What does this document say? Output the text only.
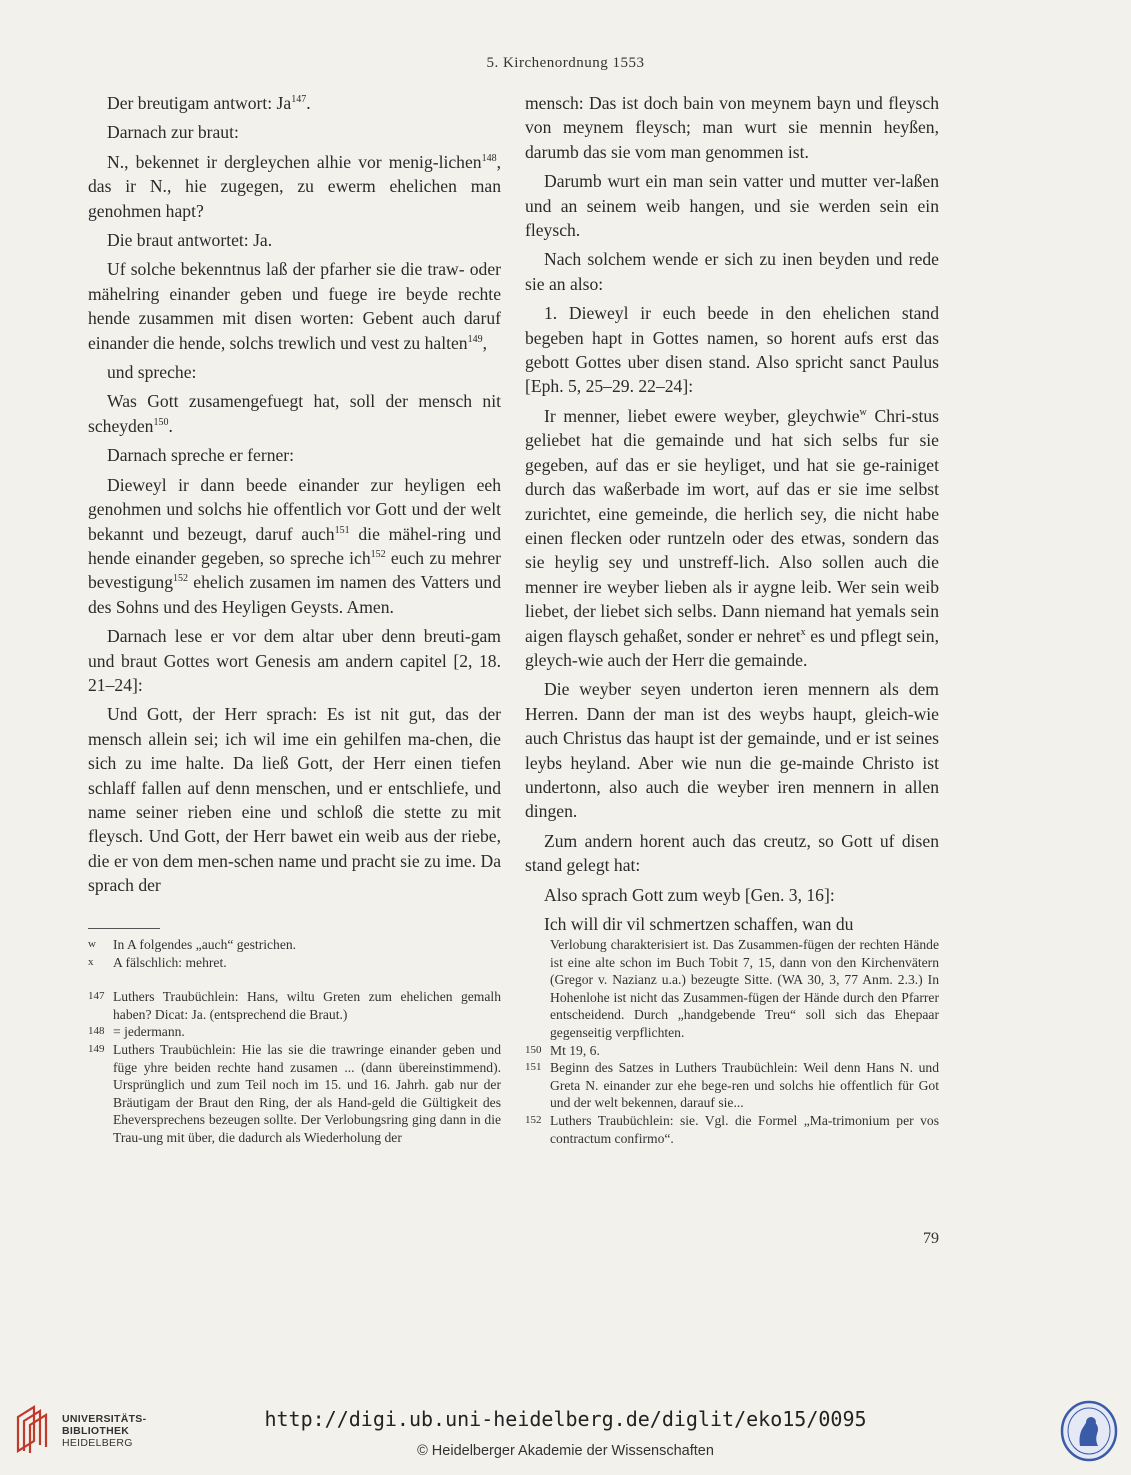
5. Kirchenordnung 1553

Der breutigam antwort: Ja$^{147}$.

Darnach zur braut:

N., bekennet ir dergleychen alhie vor menig-lichen$^{148}$, das ir N., hie zugegen, zu ewerm ehelichen man genohmen hapt?

Die braut antwortet: Ja.

Uf solche bekenntnus laß der pfarher sie die traw- oder mähelring einander geben und fuege ire beyde rechte hende zusammen mit disen worten: Gebent auch daruf einander die hende, solchs trewlich und vest zu halten$^{149}$,

und spreche:

Was Gott zusamengefuegt hat, soll der mensch nit scheyden$^{150}$.

Darnach spreche er ferner:

Dieweyl ir dann beede einander zur heyligen eeh genohmen und solchs hie offentlich vor Gott und der welt bekannt und bezeugt, daruf auch$^{151}$ die mähel-ring und hende einander gegeben, so spreche ich$^{152}$ euch zu mehrer bevestigung$^{152}$ ehelich zusamen im namen des Vatters und des Sohns und des Heyligen Geysts. Amen.

Darnach lese er vor dem altar uber denn breuti-gam und braut Gottes wort Genesis am andern capitel [2, 18. 21–24]:

Und Gott, der Herr sprach: Es ist nit gut, das der mensch allein sei; ich wil ime ein gehilfen ma-chen, die sich zu ime halte. Da ließ Gott, der Herr einen tiefen schlaff fallen auf denn menschen, und er entschliefe, und name seiner rieben eine und schloß die stette zu mit fleysch. Und Gott, der Herr bawet ein weib aus der riebe, die er von dem men-schen name und pracht sie zu ime. Da sprach der

mensch: Das ist doch bain von meynem bayn und fleysch von meynem fleysch; man wurt sie mennin heyßen, darumb das sie vom man genommen ist.

Darumb wurt ein man sein vatter und mutter ver-laßen und an seinem weib hangen, und sie werden sein ein fleysch.

Nach solchem wende er sich zu inen beyden und rede sie an also:

1. Dieweyl ir euch beede in den ehelichen stand begeben hapt in Gottes namen, so horent aufs erst das gebott Gottes uber disen stand. Also spricht sanct Paulus [Eph. 5, 25–29. 22–24]:

Ir menner, liebet ewere weyber, gleychwie$^w$ Chri-stus geliebet hat die gemainde und hat sich selbs fur sie gegeben, auf das er sie heyliget, und hat sie ge-rainiget durch das waßerbade im wort, auf das er sie ime selbst zurichtet, eine gemeinde, die herlich sey, die nicht habe einen flecken oder runtzeln oder des etwas, sondern das sie heylig sey und unstreff-lich. Also sollen auch die menner ire weyber lieben als ir aygne leib. Wer sein weib liebet, der liebet sich selbs. Dann niemand hat yemals sein aigen flaysch gehaßet, sonder er nehret$^x$ es und pflegt sein, gleych-wie auch der Herr die gemainde.

Die weyber seyen underton ieren mennern als dem Herren. Dann der man ist des weybs haupt, gleich-wie auch Christus das haupt ist der gemainde, und er ist seines leybs heyland. Aber wie nun die ge-mainde Christo ist undertonn, also auch die weyber iren mennern in allen dingen.

Zum andern horent auch das creutz, so Gott uf disen stand gelegt hat:

Also sprach Gott zum weyb [Gen. 3, 16]:

Ich will dir vil schmertzen schaffen, wan du

w In A folgendes „auch“ gestrichen.

x A fälschlich: mehret.

147 Luthers Traubüchlein: Hans, wiltu Greten zum ehelichen gemalh haben? Dicat: Ja. (entsprechend die Braut.)

148 = jedermann.

149 Luthers Traubüchlein: Hie las sie die trawringe einander geben und füge yhre beiden rechte hand zusamen ... (dann übereinstimmend). Ursprünglich und zum Teil noch im 15. und 16. Jahrh. gab nur der Bräutigam der Braut den Ring, der als Hand-geld die Gültigkeit des Eheversprechens bezeugen sollte. Der Verlobungsring ging dann in die Trau-ung mit über, die dadurch als Wiederholung der

Verlobung charakterisiert ist. Das Zusammen-fügen der rechten Hände ist eine alte schon im Buch Tobit 7, 15, dann von den Kirchenvätern (Gregor v. Nazianz u.a.) bezeugte Sitte. (WA 30, 3, 77 Anm. 2.3.) In Hohenlohe ist nicht das Zusammen-fügen der Hände durch den Pfarrer entscheidend. Durch „handgebende Treu“ soll sich das Ehepaar gegenseitig verpflichten.

150 Mt 19, 6.

151 Beginn des Satzes in Luthers Traubüchlein: Weil denn Hans N. und Greta N. einander zur ehe bege-ren und solchs hie offentlich für Got und der welt bekennen, darauf sie...

152 Luthers Traubüchlein: sie. Vgl. die Formel „Ma-trimonium per vos contractum confirmo“.

79
UNIVERSITÄTS-
BIBLIOTHEK
HEIDELBERG
http://digi.ub.uni-heidelberg.de/diglit/eko15/0095
© Heidelberger Akademie der Wissenschaften
